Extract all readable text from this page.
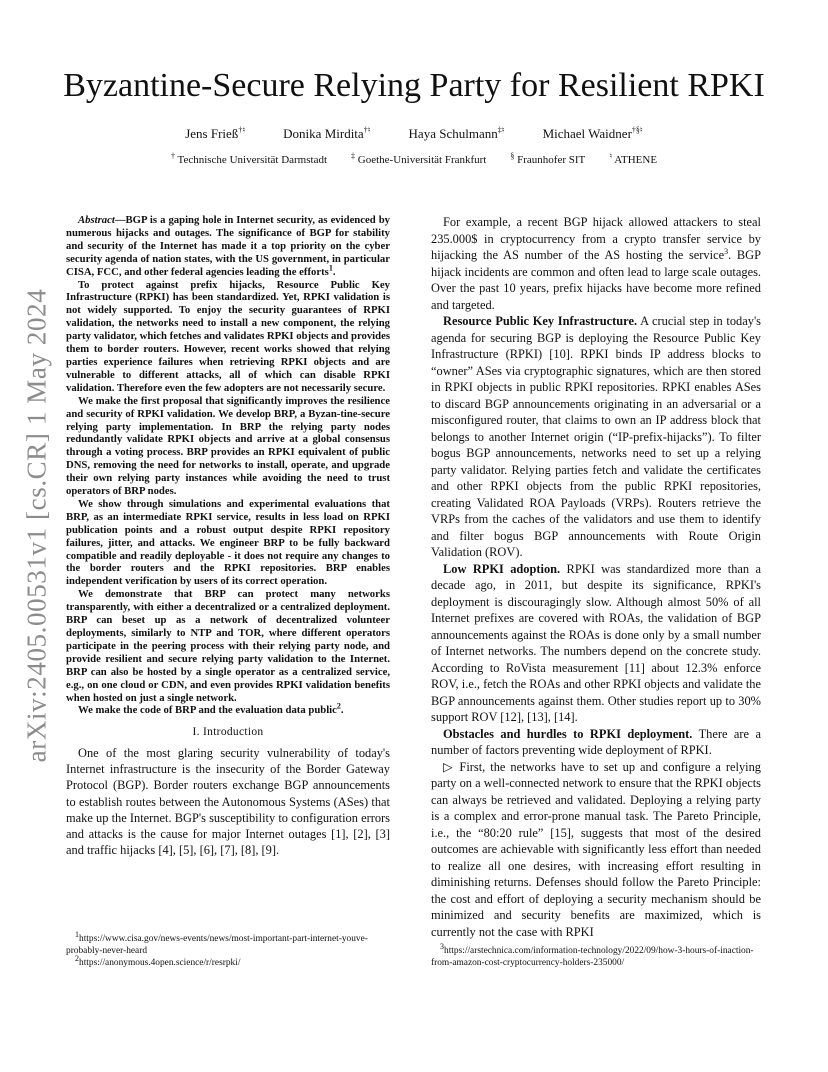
arXiv:2405.00531v1 [cs.CR] 1 May 2024
Byzantine-Secure Relying Party for Resilient RPKI
Jens Frieß†♮	Donika Mirdita†♮	Haya Schulmann‡♮	Michael Waidner†§♮
† Technische Universität Darmstadt	‡ Goethe-Universität Frankfurt	§ Fraunhofer SIT	♮ ATHENE

Abstract—BGP is a gaping hole in Internet security, as evidenced by numerous hijacks and outages. The significance of BGP for stability and security of the Internet has made it a top priority on the cyber security agenda of nation states, with the US government, in particular CISA, FCC, and other federal agencies leading the efforts$^1$.

To protect against prefix hijacks, Resource Public Key Infrastructure (RPKI) has been standardized. Yet, RPKI validation is not widely supported. To enjoy the security guarantees of RPKI validation, the networks need to install a new component, the relying party validator, which fetches and validates RPKI objects and provides them to border routers. However, recent works showed that relying parties experience failures when retrieving RPKI objects and are vulnerable to different attacks, all of which can disable RPKI validation. Therefore even the few adopters are not necessarily secure.

We make the first proposal that significantly improves the resilience and security of RPKI validation. We develop BRP, a Byzan-tine-secure relying party implementation. In BRP the relying party nodes redundantly validate RPKI objects and arrive at a global consensus through a voting process. BRP provides an RPKI equivalent of public DNS, removing the need for networks to install, operate, and upgrade their own relying party instances while avoiding the need to trust operators of BRP nodes.

We show through simulations and experimental evaluations that BRP, as an intermediate RPKI service, results in less load on RPKI publication points and a robust output despite RPKI repository failures, jitter, and attacks. We engineer BRP to be fully backward compatible and readily deployable - it does not require any changes to the border routers and the RPKI repositories. BRP enables independent verification by users of its correct operation.

We demonstrate that BRP can protect many networks transparently, with either a decentralized or a centralized deployment. BRP can beset up as a network of decentralized volunteer deployments, similarly to NTP and TOR, where different operators participate in the peering process with their relying party node, and provide resilient and secure relying party validation to the Internet. BRP can also be hosted by a single operator as a centralized service, e.g., on one cloud or CDN, and even provides RPKI validation benefits when hosted on just a single network.

We make the code of BRP and the evaluation data public$^2$.

I. Introduction

One of the most glaring security vulnerability of today's Internet infrastructure is the insecurity of the Border Gateway Protocol (BGP). Border routers exchange BGP announcements to establish routes between the Autonomous Systems (ASes) that make up the Internet. BGP's susceptibility to configuration errors and attacks is the cause for major Internet outages [1], [2], [3] and traffic hijacks [4], [5], [6], [7], [8], [9].

For example, a recent BGP hijack allowed attackers to steal 235.000$ in cryptocurrency from a crypto transfer service by hijacking the AS number of the AS hosting the service$^3$. BGP hijack incidents are common and often lead to large scale outages. Over the past 10 years, prefix hijacks have become more refined and targeted.

Resource Public Key Infrastructure. A crucial step in today's agenda for securing BGP is deploying the Resource Public Key Infrastructure (RPKI) [10]. RPKI binds IP address blocks to “owner” ASes via cryptographic signatures, which are then stored in RPKI objects in public RPKI repositories. RPKI enables ASes to discard BGP announcements originating in an adversarial or a misconfigured router, that claims to own an IP address block that belongs to another Internet origin (“IP-prefix-hijacks”). To filter bogus BGP announcements, networks need to set up a relying party validator. Relying parties fetch and validate the certificates and other RPKI objects from the public RPKI repositories, creating Validated ROA Payloads (VRPs). Routers retrieve the VRPs from the caches of the validators and use them to identify and filter bogus BGP announcements with Route Origin Validation (ROV).

Low RPKI adoption. RPKI was standardized more than a decade ago, in 2011, but despite its significance, RPKI's deployment is discouragingly slow. Although almost 50% of all Internet prefixes are covered with ROAs, the validation of BGP announcements against the ROAs is done only by a small number of Internet networks. The numbers depend on the concrete study. According to RoVista measurement [11] about 12.3% enforce ROV, i.e., fetch the ROAs and other RPKI objects and validate the BGP announcements against them. Other studies report up to 30% support ROV [12], [13], [14].

Obstacles and hurdles to RPKI deployment. There are a number of factors preventing wide deployment of RPKI.

▷ First, the networks have to set up and configure a relying party on a well-connected network to ensure that the RPKI objects can always be retrieved and validated. Deploying a relying party is a complex and error-prone manual task. The Pareto Principle, i.e., the “80:20 rule” [15], suggests that most of the desired outcomes are achievable with significantly less effort than needed to realize all one desires, with increasing effort resulting in diminishing returns. Defenses should follow the Pareto Principle: the cost and effort of deploying a security mechanism should be minimized and security benefits are maximized, which is currently not the case with RPKI

$^1$https://www.cisa.gov/news-events/news/most-important-part-internet-youve-probably-never-heard

$^2$https://anonymous.4open.science/r/resrpki/

$^3$https://arstechnica.com/information-technology/2022/09/how-3-hours-of-inaction-from-amazon-cost-cryptocurrency-holders-235000/
